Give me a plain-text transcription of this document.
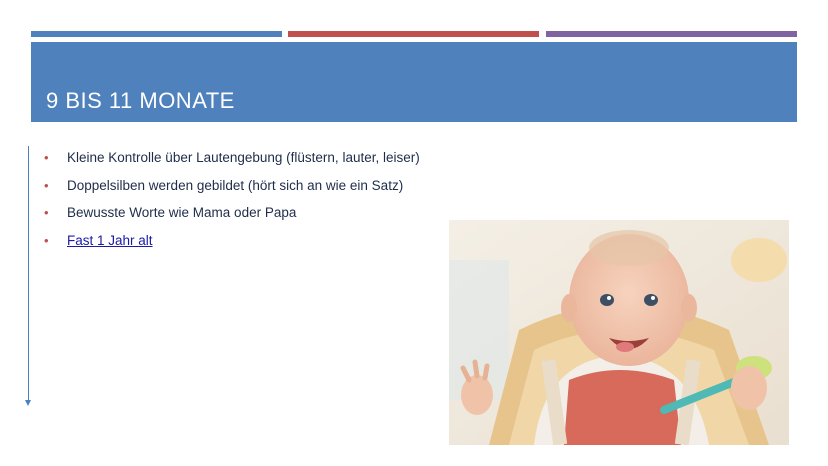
9 BIS 11 MONATE
• Kleine Kontrolle über Lautengebung (flüstern, lauter, leiser)
• Doppelsilben werden gebildet (hört sich an wie ein Satz)
• Bewusste Worte wie Mama oder Papa
• Fast 1 Jahr alt
